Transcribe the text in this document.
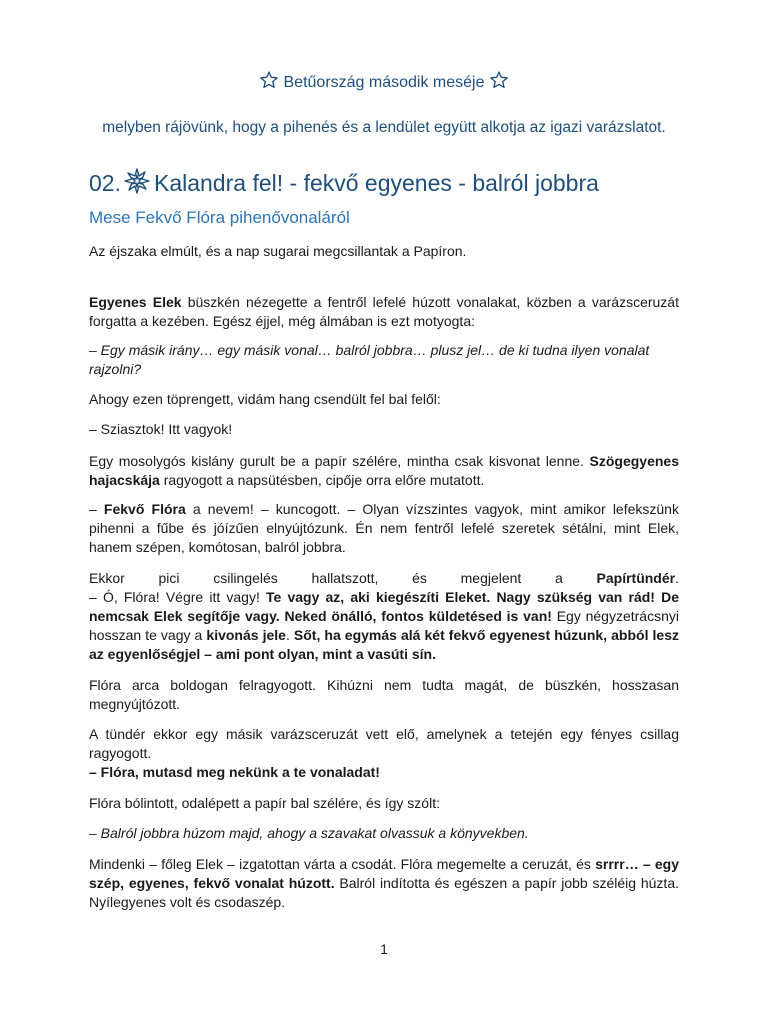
Betűország második meséje
melyben rájövünk, hogy a pihenés és a lendület együtt alkotja az igazi varázslatot.
02. Kalandra fel! - fekvő egyenes - balról jobbra
Mese Fekvő Flóra pihenővonaláról
Az éjszaka elmúlt, és a nap sugarai megcsillantak a Papíron.
Egyenes Elek büszkén nézegette a fentről lefelé húzott vonalakat, közben a varázsceruzát forgatta a kezében. Egész éjjel, még álmában is ezt motyogta:
– Egy másik irány… egy másik vonal… balról jobbra… plusz jel… de ki tudna ilyen vonalat rajzolni?
Ahogy ezen töprengett, vidám hang csendült fel bal felől:
– Sziasztok! Itt vagyok!
Egy mosolygós kislány gurult be a papír szélére, mintha csak kisvonat lenne. Szögegyenes hajacskája ragyogott a napsütésben, cipője orra előre mutatott.
– Fekvő Flóra a nevem! – kuncogott. – Olyan vízszintes vagyok, mint amikor lefekszünk pihenni a fűbe és jóízűen elnyújtózunk. Én nem fentről lefelé szeretek sétálni, mint Elek, hanem szépen, komótosan, balról jobbra.
Ekkor pici csilingelés hallatszott, és megjelent a Papírtündér.
– Ó, Flóra! Végre itt vagy! Te vagy az, aki kiegészíti Eleket. Nagy szükség van rád! De nemcsak Elek segítője vagy. Neked önálló, fontos küldetésed is van! Egy négyzetrácsnyi hosszan te vagy a kivonás jele. Sőt, ha egymás alá két fekvő egyenest húzunk, abból lesz az egyenlőségjel – ami pont olyan, mint a vasúti sín.
Flóra arca boldogan felragyogott. Kihúzni nem tudta magát, de büszkén, hosszasan megnyújtózott.
A tündér ekkor egy másik varázsceruzát vett elő, amelynek a tetején egy fényes csillag ragyogott.
– Flóra, mutasd meg nekünk a te vonaladat!
Flóra bólintott, odalépett a papír bal szélére, és így szólt:
– Balról jobbra húzom majd, ahogy a szavakat olvassuk a könyvekben.
Mindenki – főleg Elek – izgatottan várta a csodát. Flóra megemelte a ceruzát, és srrrr… – egy szép, egyenes, fekvő vonalat húzott. Balról indította és egészen a papír jobb széléig húzta. Nyílegyenes volt és csodaszép.
1
